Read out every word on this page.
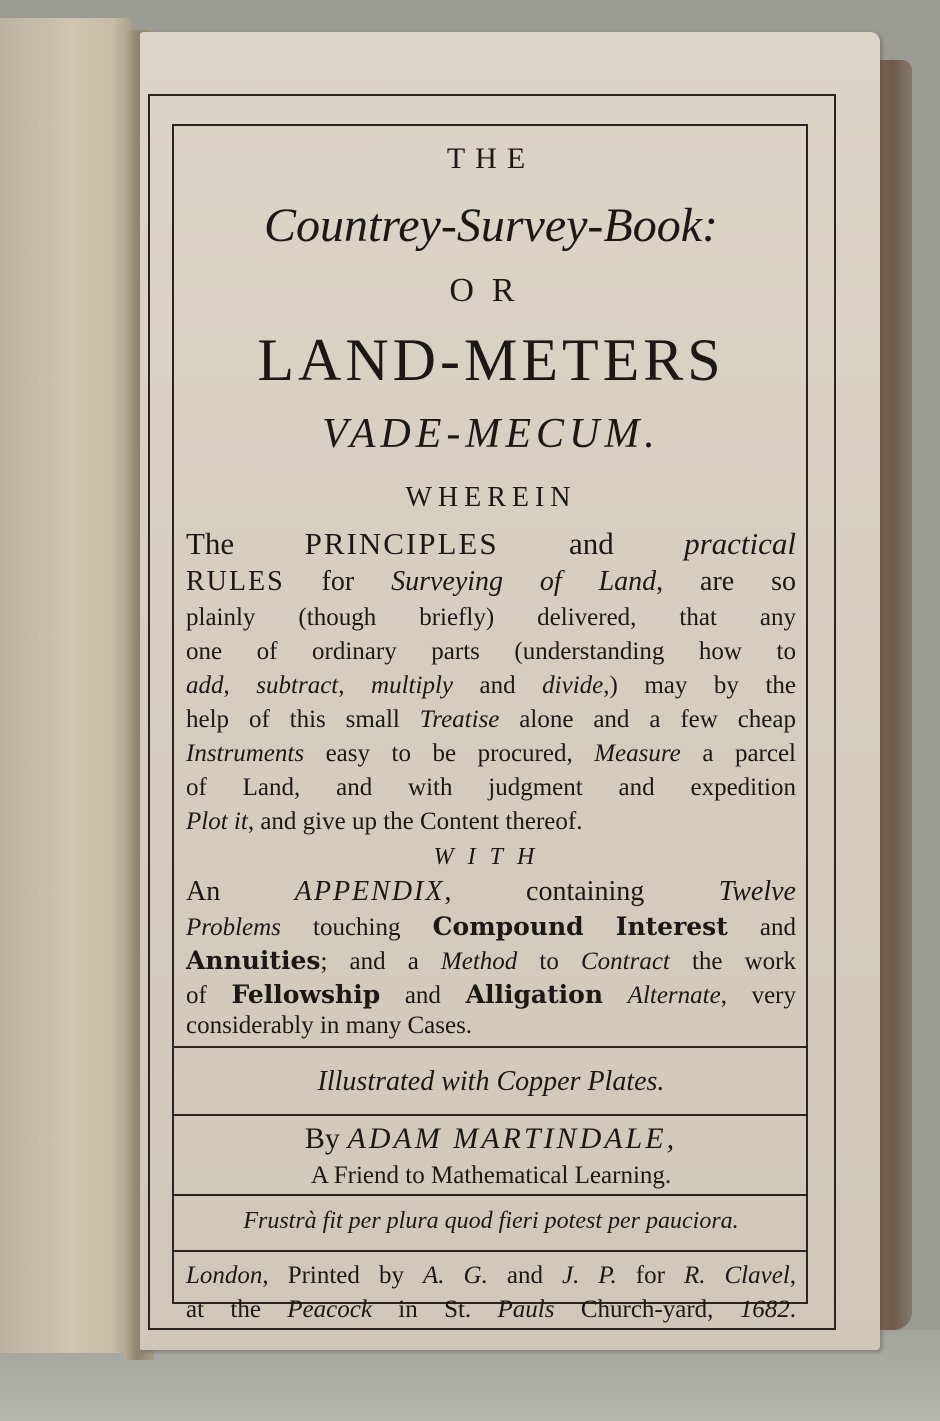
THE

Countrey-Survey-Book:

OR

LAND-METERS

VADE-MECUM.

WHEREIN

The PRINCIPLES and practical

RULES for Surveying of Land, are so

plainly (though briefly) delivered, that any

one of ordinary parts (understanding how to

add, subtract, multiply and divide,) may by the

help of this small Treatise alone and a few cheap

Instruments easy to be procured, Measure a parcel

of Land, and with judgment and expedition

Plot it, and give up the Content thereof.

WITH

An APPENDIX, containing Twelve

Problems touching Compound Interest and

Annuities; and a Method to Contract the work

of Fellowship and Alligation Alternate, very

considerably in many Cases.

Illustrated with Copper Plates.

By ADAM MARTINDALE,

A Friend to Mathematical Learning.

Frustrà fit per plura quod fieri potest per pauciora.

London, Printed by A. G. and J. P. for R. Clavel,

at the Peacock in St. Pauls Church-yard, 1682.
